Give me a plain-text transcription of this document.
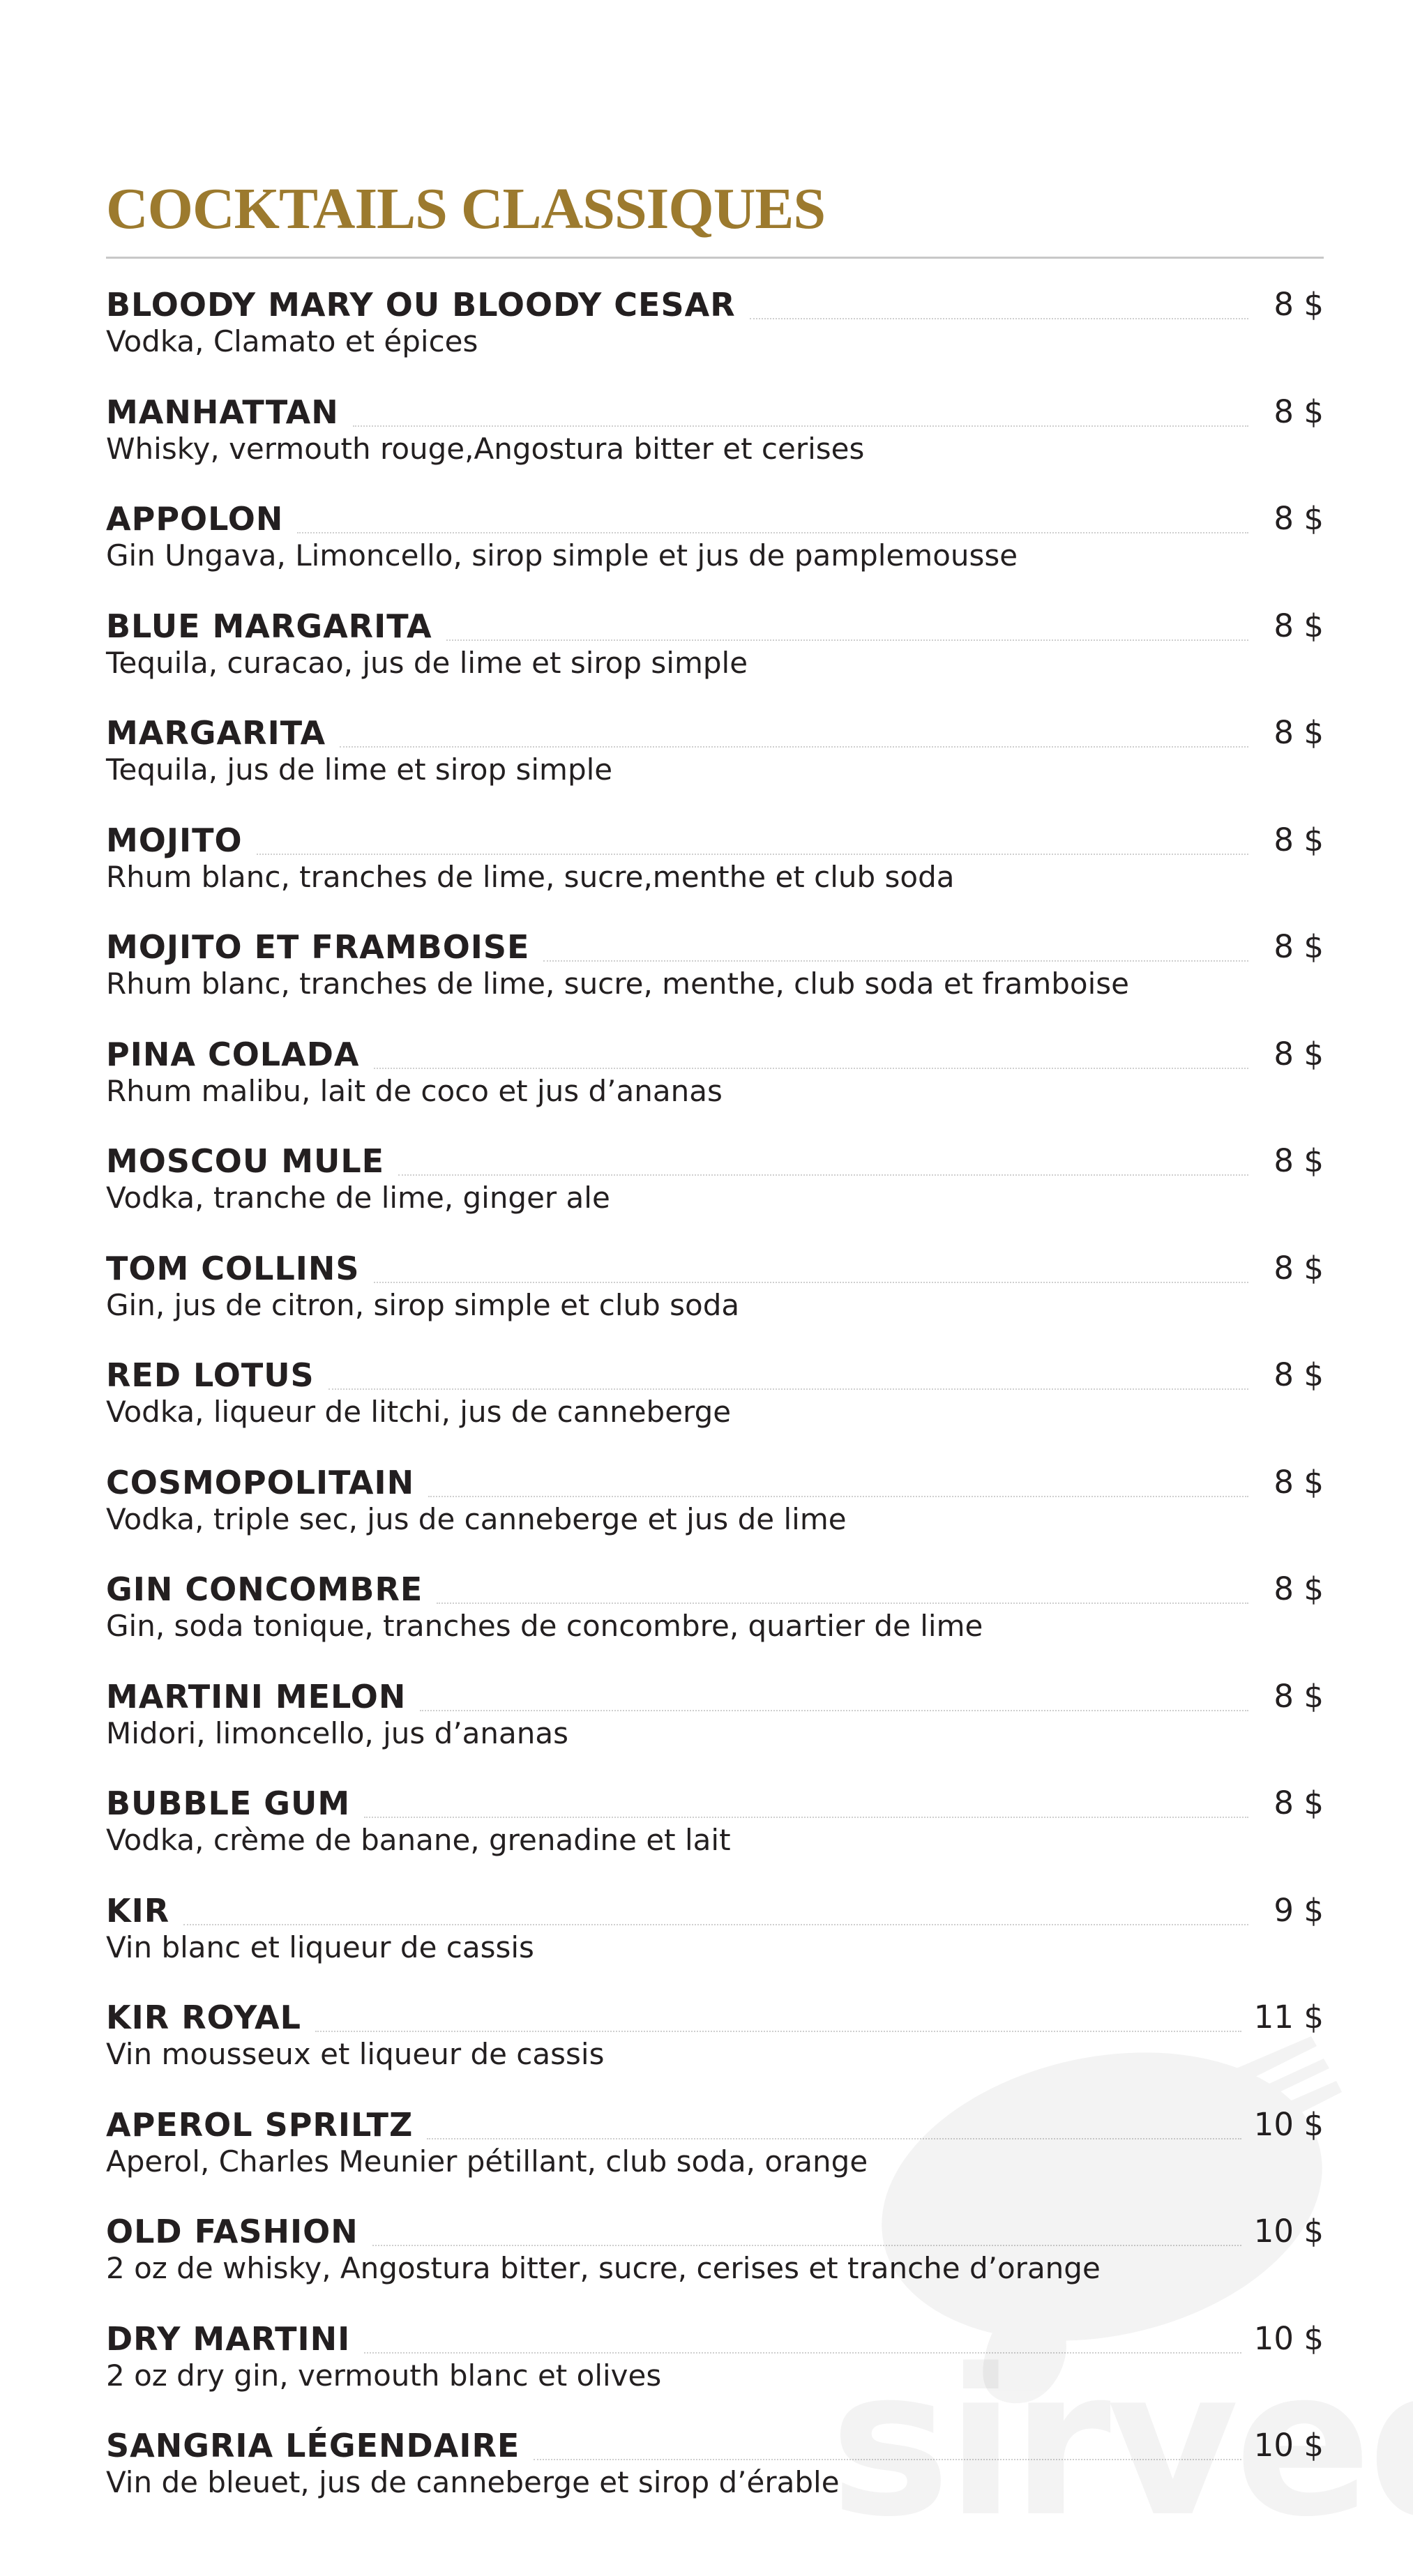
COCKTAILS CLASSIQUES
BLOODY MARY OU BLOODY CESAR	8 $
Vodka, Clamato et épices
MANHATTAN	8 $
Whisky, vermouth rouge,Angostura bitter et cerises
APPOLON	8 $
Gin Ungava, Limoncello, sirop simple et jus de pamplemousse
BLUE MARGARITA	8 $
Tequila, curacao, jus de lime et sirop simple
MARGARITA	8 $
Tequila, jus de lime et sirop simple
MOJITO	8 $
Rhum blanc, tranches de lime, sucre,menthe et club soda
MOJITO ET FRAMBOISE	8 $
Rhum blanc, tranches de lime, sucre, menthe, club soda et framboise
PINA COLADA	8 $
Rhum malibu, lait de coco et jus d’ananas
MOSCOU MULE	8 $
Vodka, tranche de lime, ginger ale
TOM COLLINS	8 $
Gin, jus de citron, sirop simple et club soda
RED LOTUS	8 $
Vodka, liqueur de litchi, jus de canneberge
COSMOPOLITAIN	8 $
Vodka, triple sec, jus de canneberge et jus de lime
GIN CONCOMBRE	8 $
Gin, soda tonique, tranches de concombre, quartier de lime
MARTINI MELON	8 $
Midori, limoncello, jus d’ananas
BUBBLE GUM	8 $
Vodka, crème de banane, grenadine et lait
KIR	9 $
Vin blanc et liqueur de cassis
KIR ROYAL	11 $
Vin mousseux et liqueur de cassis
APEROL SPRILTZ	10 $
Aperol, Charles Meunier pétillant, club soda, orange
OLD FASHION	10 $
2 oz de whisky, Angostura bitter, sucre, cerises et tranche d’orange
DRY MARTINI	10 $
2 oz dry gin, vermouth blanc et olives
SANGRIA LÉGENDAIRE	10 $
Vin de bleuet, jus de canneberge et sirop d’érable
